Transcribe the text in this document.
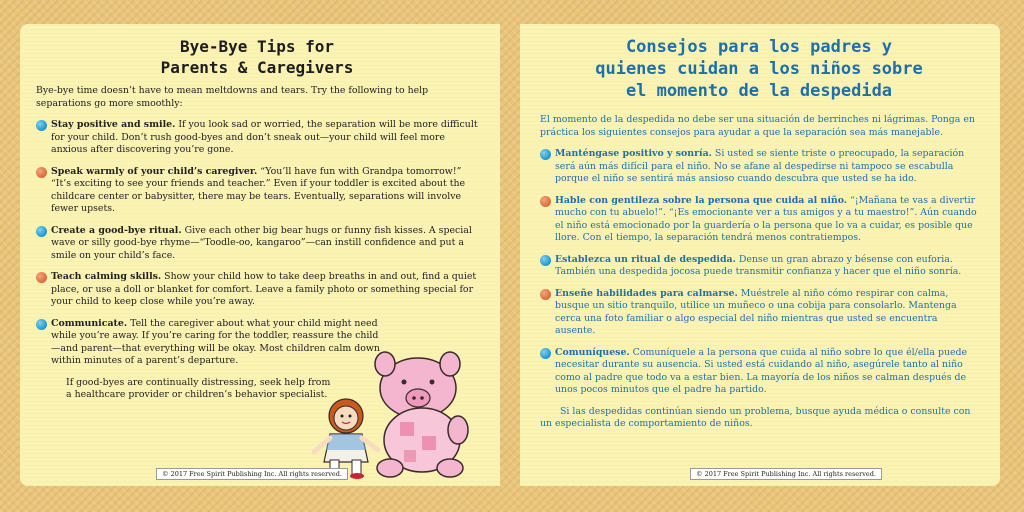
Bye-Bye Tips for
Parents & Caregivers

Bye-bye time doesn’t have to mean meltdowns and tears. Try the following to help separations go more smoothly:

Stay positive and smile. If you look sad or worried, the separation will be more difficult for your child. Don’t rush good-byes and don’t sneak out—your child will feel more anxious after discovering you’re gone.
Speak warmly of your child’s caregiver. “You’ll have fun with Grandpa tomorrow!” “It’s exciting to see your friends and teacher.” Even if your toddler is excited about the childcare center or babysitter, there may be tears. Eventually, separations will involve fewer upsets.
Create a good-bye ritual. Give each other big bear hugs or funny fish kisses. A special wave or silly good-bye rhyme—“Toodle-oo, kangaroo”—can instill confidence and put a smile on your child’s face.
Teach calming skills. Show your child how to take deep breaths in and out, find a quiet place, or use a doll or blanket for comfort. Leave a family photo or something special for your child to keep close while you’re away.
Communicate. Tell the caregiver about what your child might need while you’re away. If you’re caring for the toddler, reassure the child—and parent—that everything will be okay. Most children calm down within minutes of a parent’s departure.

If good-byes are continually distressing, seek help from a healthcare provider or children’s behavior specialist.

© 2017 Free Spirit Publishing Inc. All rights reserved.
Consejos para los padres y
quienes cuidan a los niños sobre
el momento de la despedida

El momento de la despedida no debe ser una situación de berrinches ni lágrimas. Ponga en práctica los siguientes consejos para ayudar a que la separación sea más manejable.

Manténgase positivo y sonría. Si usted se siente triste o preocupado, la separación será aún más difícil para el niño. No se afane al despedirse ni tampoco se escabulla porque el niño se sentirá más ansioso cuando descubra que usted se ha ido.
Hable con gentileza sobre la persona que cuida al niño. “¡Mañana te vas a divertir mucho con tu abuelo!”. “¡Es emocionante ver a tus amigos y a tu maestro!”. Aún cuando el niño está emocionado por la guardería o la persona que lo va a cuidar, es posible que llore. Con el tiempo, la separación tendrá menos contratiempos.
Establezca un ritual de despedida. Dense un gran abrazo y bésense con euforia. También una despedida jocosa puede transmitir confianza y hacer que el niño sonría.
Enseñe habilidades para calmarse. Muéstrele al niño cómo respirar con calma, busque un sitio tranquilo, utilice un muñeco o una cobija para consolarlo. Mantenga cerca una foto familiar o algo especial del niño mientras que usted se encuentra ausente.
Comuníquese. Comuníquele a la persona que cuida al niño sobre lo que él/ella puede necesitar durante su ausencia. Si usted está cuidando al niño, asegúrele tanto al niño como al padre que todo va a estar bien. La mayoría de los niños se calman después de unos pocos minutos que el padre ha partido.

Si las despedidas continúan siendo un problema, busque ayuda médica o consulte con un especialista de comportamiento de niños.

© 2017 Free Spirit Publishing Inc. All rights reserved.
